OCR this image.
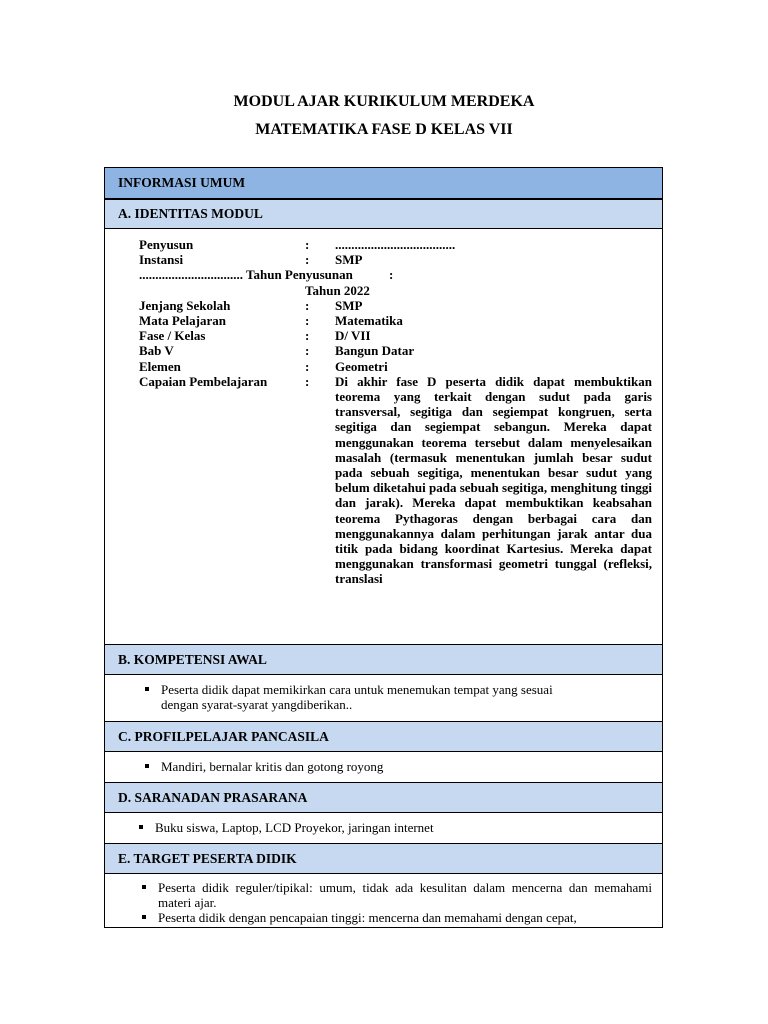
MODUL AJAR KURIKULUM MERDEKA
MATEMATIKA FASE D KELAS VII
INFORMASI UMUM
A. IDENTITAS MODUL
Penyusun	:	.....................................
Instansi	:	SMP
................................ Tahun Penyusunan	:
Tahun 2022
Jenjang Sekolah	:	SMP
Mata Pelajaran	:	Matematika
Fase / Kelas	:	D/ VII
Bab V	:	Bangun Datar
Elemen	:	Geometri
Capaian Pembelajaran	:	Di akhir fase D peserta didik dapat membuktikan teorema yang terkait dengan sudut pada garis transversal, segitiga dan segiempat kongruen, serta segitiga dan segiempat sebangun. Mereka dapat menggunakan teorema tersebut dalam menyelesaikan masalah (termasuk menentukan jumlah besar sudut pada sebuah segitiga, menentukan besar sudut yang belum diketahui pada sebuah segitiga, menghitung tinggi dan jarak). Mereka dapat membuktikan keabsahan teorema Pythagoras dengan berbagai cara dan menggunakannya dalam perhitungan jarak antar dua titik pada bidang koordinat Kartesius. Mereka dapat menggunakan transformasi geometri tunggal (refleksi, translasi
B. KOMPETENSI AWAL
Peserta didik dapat memikirkan cara untuk menemukan tempat yang sesuai dengan syarat-syarat yangdiberikan..
C. PROFILPELAJAR PANCASILA
Mandiri, bernalar kritis dan gotong royong
D. SARANADAN PRASARANA
Buku siswa, Laptop, LCD Proyekor, jaringan internet
E. TARGET PESERTA DIDIK
Peserta didik reguler/tipikal: umum, tidak ada kesulitan dalam mencerna dan memahami materi ajar.
Peserta didik dengan pencapaian tinggi: mencerna dan memahami dengan cepat,
